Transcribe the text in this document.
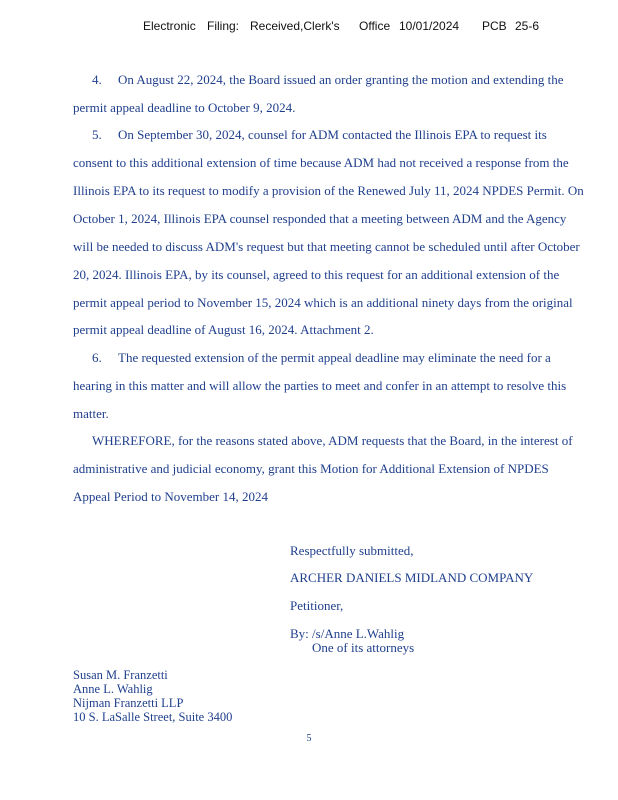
Electronic Filing: Received,Clerk's Office 10/01/2024 PCB 25-6
4. On August 22, 2024, the Board issued an order granting the motion and extending the
permit appeal deadline to October 9, 2024.
5. On September 30, 2024, counsel for ADM contacted the Illinois EPA to request its
consent to this additional extension of time because ADM had not received a response from the
Illinois EPA to its request to modify a provision of the Renewed July 11, 2024 NPDES Permit. On
October 1, 2024, Illinois EPA counsel responded that a meeting between ADM and the Agency
will be needed to discuss ADM's request but that meeting cannot be scheduled until after October
20, 2024. Illinois EPA, by its counsel, agreed to this request for an additional extension of the
permit appeal period to November 15, 2024 which is an additional ninety days from the original
permit appeal deadline of August 16, 2024. Attachment 2.
6. The requested extension of the permit appeal deadline may eliminate the need for a
hearing in this matter and will allow the parties to meet and confer in an attempt to resolve this
matter.
WHEREFORE, for the reasons stated above, ADM requests that the Board, in the interest of
administrative and judicial economy, grant this Motion for Additional Extension of NPDES
Appeal Period to November 14, 2024
Respectfully submitted,
ARCHER DANIELS MIDLAND COMPANY
Petitioner,
By: /s/Anne L.Wahlig
One of its attorneys
Susan M. Franzetti
Anne L. Wahlig
Nijman Franzetti LLP
10 S. LaSalle Street, Suite 3400
5
